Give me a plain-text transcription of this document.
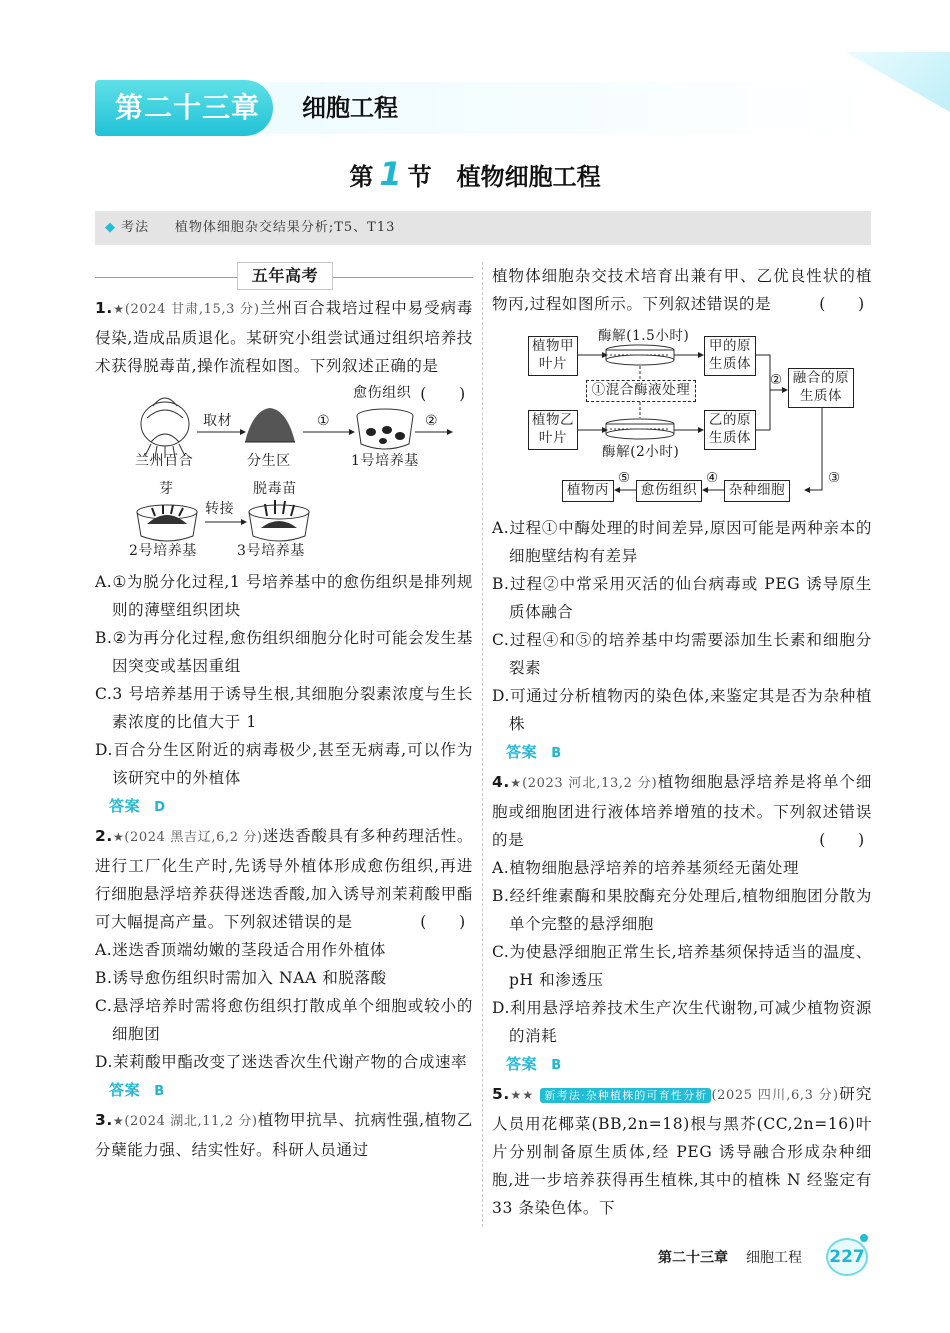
第二十三章	细胞工程
第 1 节 植物细胞工程
◆ 考法 植物体细胞杂交结果分析;T5、T13
五年高考
1.★(2024 甘肃,15,3 分)兰州百合栽培过程中易受病毒侵染,造成品质退化。某研究小组尝试通过组织培养技术获得脱毒苗,操作流程如图。下列叙述正确的是
(　　)
兰州百合
取材
分生区
①
愈伤组织
1号培养基
②
芽
转接
脱毒苗
2号培养基	3号培养基
A.①为脱分化过程,1 号培养基中的愈伤组织是排列规则的薄壁组织团块
B.②为再分化过程,愈伤组织细胞分化时可能会发生基因突变或基因重组
C.3 号培养基用于诱导生根,其细胞分裂素浓度与生长素浓度的比值大于 1
D.百合分生区附近的病毒极少,甚至无病毒,可以作为该研究中的外植体
答案 D
2.★(2024 黑吉辽,6,2 分)迷迭香酸具有多种药理活性。进行工厂化生产时,先诱导外植体形成愈伤组织,再进行细胞悬浮培养获得迷迭香酸,加入诱导剂茉莉酸甲酯可大幅提高产量。下列叙述错误的是	(　　)
A.迷迭香顶端幼嫩的茎段适合用作外植体
B.诱导愈伤组织时需加入 NAA 和脱落酸
C.悬浮培养时需将愈伤组织打散成单个细胞或较小的细胞团
D.茉莉酸甲酯改变了迷迭香次生代谢产物的合成速率
答案 B
3.★(2024 湖北,11,2 分)植物甲抗旱、抗病性强,植物乙分蘖能力强、结实性好。科研人员通过
植物体细胞杂交技术培育出兼有甲、乙优良性状的植物丙,过程如图所示。下列叙述错误的是	(　　)
植物甲叶片
植物乙叶片
酶解(1.5小时)
酶解(2小时)
①混合酶液处理
甲的原生质体
乙的原生质体
② 融合的原生质体
③
杂种细胞
④
愈伤组织
⑤
植物丙
A.过程①中酶处理的时间差异,原因可能是两种亲本的细胞壁结构有差异
B.过程②中常采用灭活的仙台病毒或 PEG 诱导原生质体融合
C.过程④和⑤的培养基中均需要添加生长素和细胞分裂素
D.可通过分析植物丙的染色体,来鉴定其是否为杂种植株
答案 B
4.★(2023 河北,13,2 分)植物细胞悬浮培养是将单个细胞或细胞团进行液体培养增殖的技术。下列叙述错误的是	(　　)
A.植物细胞悬浮培养的培养基须经无菌处理
B.经纤维素酶和果胶酶充分处理后,植物细胞团分散为单个完整的悬浮细胞
C.为使悬浮细胞正常生长,培养基须保持适当的温度、pH 和渗透压
D.利用悬浮培养技术生产次生代谢物,可减少植物资源的消耗
答案 B
5.★★ 新考法·杂种植株的可育性分析 (2025 四川,6,3 分)研究人员用花椰菜(BB,2n=18)根与黑芥(CC,2n=16)叶片分别制备原生质体,经 PEG 诱导融合形成杂种细胞,进一步培养获得再生植株,其中的植株 N 经鉴定有 33 条染色体。下
第二十三章 细胞工程 227
